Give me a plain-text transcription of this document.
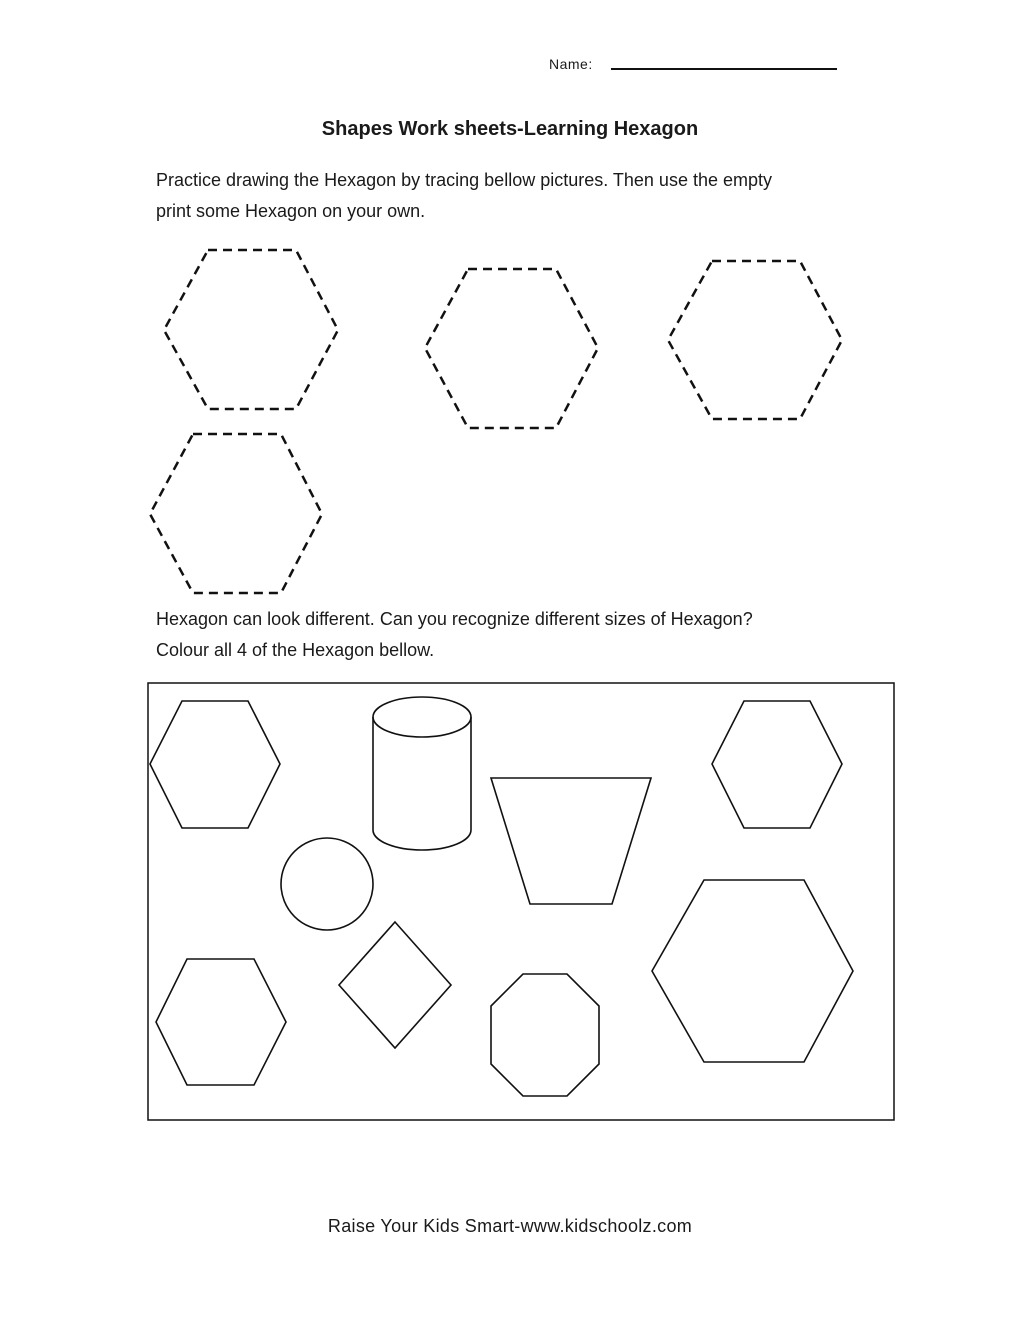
Name:
Shapes Work sheets-Learning Hexagon
Practice drawing the Hexagon by tracing bellow pictures. Then use the empty
print some Hexagon on your own.
Hexagon can look different. Can you recognize different sizes of Hexagon?
Colour all 4 of the Hexagon bellow.
Raise Your Kids Smart-www.kidschoolz.com
